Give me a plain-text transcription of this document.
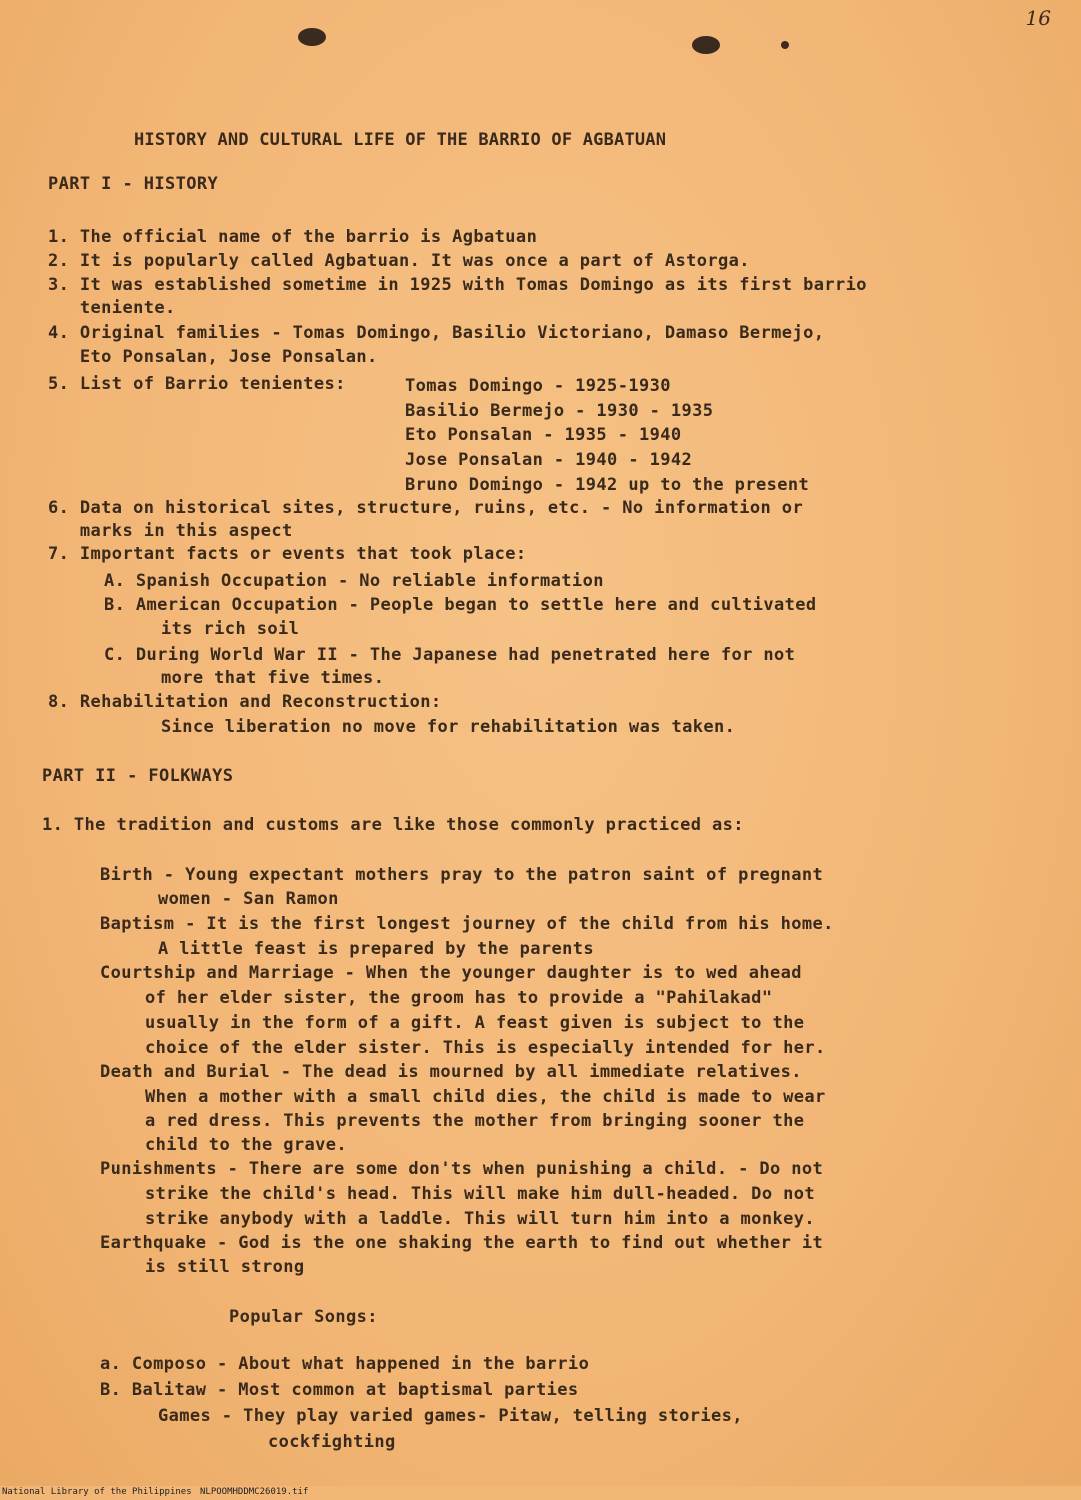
16
HISTORY AND CULTURAL LIFE OF THE BARRIO OF AGBATUAN
PART I - HISTORY
1. The official name of the barrio is Agbatuan
2. It is popularly called Agbatuan. It was once a part of Astorga.
3. It was established sometime in 1925 with Tomas Domingo as its first barrio
teniente.
4. Original families - Tomas Domingo, Basilio Victoriano, Damaso Bermejo,
Eto Ponsalan, Jose Ponsalan.
5. List of Barrio tenientes:	Tomas Domingo - 1925-1930
Basilio Bermejo - 1930 - 1935
Eto Ponsalan - 1935 - 1940
Jose Ponsalan - 1940 - 1942
Bruno Domingo - 1942 up to the present
6. Data on historical sites, structure, ruins, etc. - No information or
marks in this aspect
7. Important facts or events that took place:
A. Spanish Occupation - No reliable information
B. American Occupation - People began to settle here and cultivated
its rich soil
C. During World War II - The Japanese had penetrated here for not
more that five times.
8. Rehabilitation and Reconstruction:
Since liberation no move for rehabilitation was taken.
PART II - FOLKWAYS
1. The tradition and customs are like those commonly practiced as:
Birth - Young expectant mothers pray to the patron saint of pregnant
women - San Ramon
Baptism - It is the first longest journey of the child from his home.
A little feast is prepared by the parents
Courtship and Marriage - When the younger daughter is to wed ahead
of her elder sister, the groom has to provide a "Pahilakad"
usually in the form of a gift. A feast given is subject to the
choice of the elder sister. This is especially intended for her.
Death and Burial - The dead is mourned by all immediate relatives.
When a mother with a small child dies, the child is made to wear
a red dress. This prevents the mother from bringing sooner the
child to the grave.
Punishments - There are some don'ts when punishing a child. - Do not
strike the child's head. This will make him dull-headed. Do not
strike anybody with a laddle. This will turn him into a monkey.
Earthquake - God is the one shaking the earth to find out whether it
is still strong
Popular Songs:
a. Composo - About what happened in the barrio
B. Balitaw - Most common at baptismal parties
Games - They play varied games- Pitaw, telling stories,
cockfighting
National Library of the Philippines NLPOOMHDDMC26019.tif
